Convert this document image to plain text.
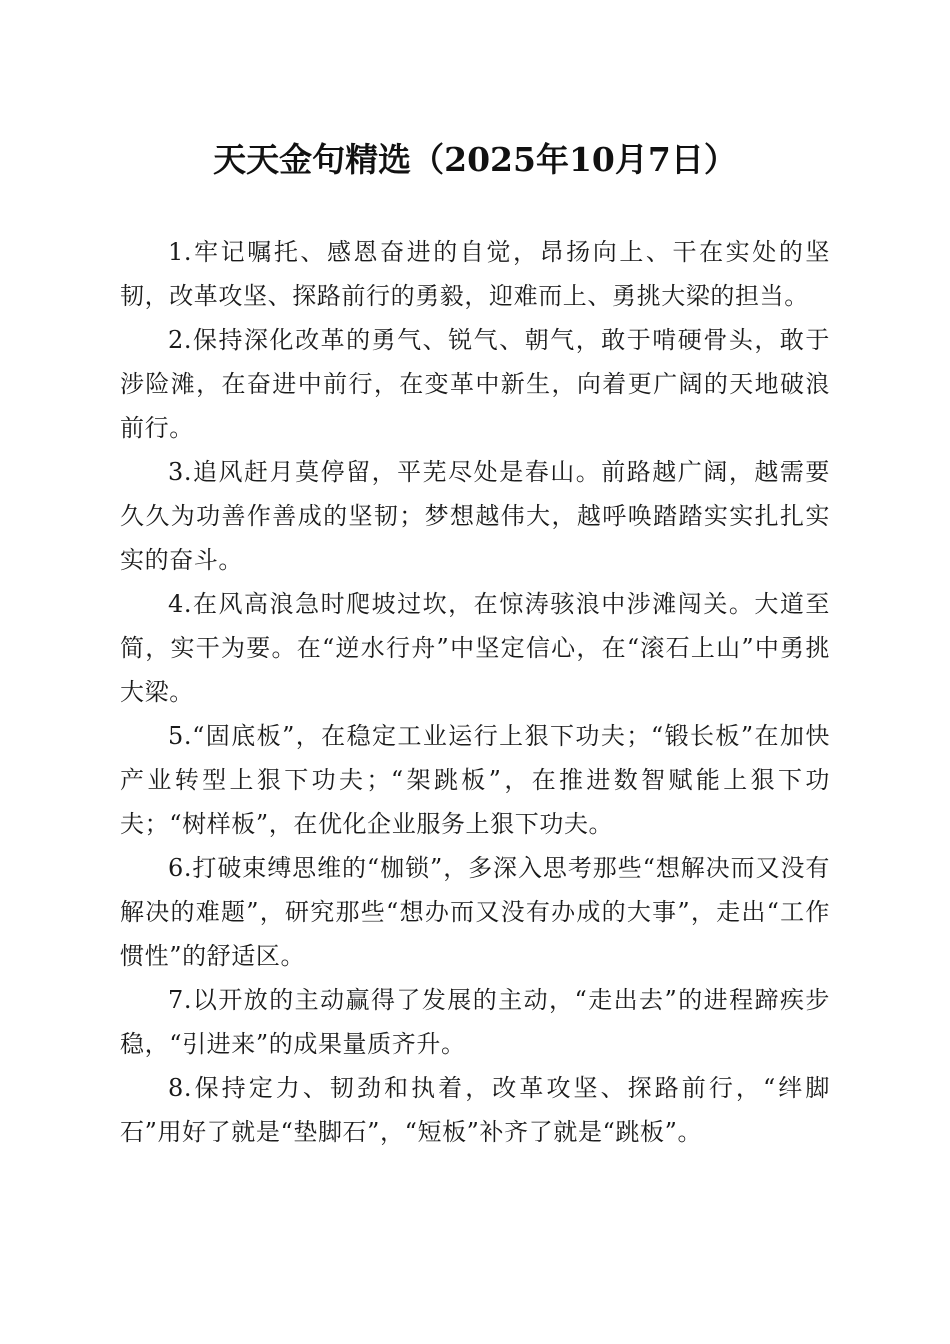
天天金句精选（2025年10月7日）

1.牢记嘱托、感恩奋进的自觉，昂扬向上、干在实处的坚韧，改革攻坚、探路前行的勇毅，迎难而上、勇挑大梁的担当。

2.保持深化改革的勇气、锐气、朝气，敢于啃硬骨头，敢于涉险滩，在奋进中前行，在变革中新生，向着更广阔的天地破浪前行。

3.追风赶月莫停留，平芜尽处是春山。前路越广阔，越需要久久为功善作善成的坚韧；梦想越伟大，越呼唤踏踏实实扎扎实实的奋斗。

4.在风高浪急时爬坡过坎，在惊涛骇浪中涉滩闯关。大道至简，实干为要。在“逆水行舟”中坚定信心，在“滚石上山”中勇挑大梁。

5.“固底板”，在稳定工业运行上狠下功夫；“锻长板”在加快产业转型上狠下功夫；“架跳板”，在推进数智赋能上狠下功夫；“树样板”，在优化企业服务上狠下功夫。

6.打破束缚思维的“枷锁”，多深入思考那些“想解决而又没有解决的难题”，研究那些“想办而又没有办成的大事”，走出“工作惯性”的舒适区。

7.以开放的主动赢得了发展的主动，“走出去”的进程蹄疾步稳，“引进来”的成果量质齐升。

8.保持定力、韧劲和执着，改革攻坚、探路前行，“绊脚石”用好了就是“垫脚石”，“短板”补齐了就是“跳板”。
